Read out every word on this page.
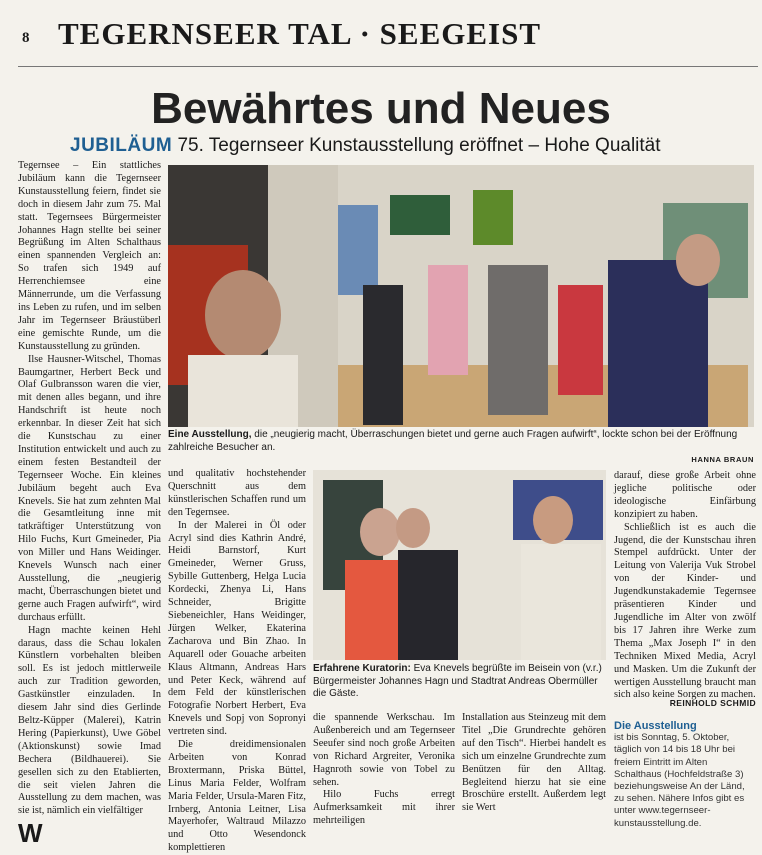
8 TEGERNSEER TAL · SEEGEIST
Bewährtes und Neues
JUBILÄUM 75. Tegernseer Kunstausstellung eröffnet – Hohe Qualität

Tegernsee – Ein stattliches Jubiläum kann die Tegernseer Kunstausstellung feiern, findet sie doch in diesem Jahr zum 75. Mal statt. Tegernsees Bürgermeister Johannes Hagn stellte bei seiner Begrüßung im Alten Schalthaus einen spannenden Vergleich an: So trafen sich 1949 auf Herrenchiemsee eine Männerrunde, um die Verfassung ins Leben zu rufen, und im selben Jahr im Tegernseer Bräustüberl eine gemischte Runde, um die Kunstausstellung zu gründen.

Ilse Hausner-Witschel, Thomas Baumgartner, Herbert Beck und Olaf Gulbransson waren die vier, mit denen alles begann, und ihre Handschrift ist heute noch erkennbar. In dieser Zeit hat sich die Kunstschau zu einer Institution entwickelt und auch zu einem festen Bestandteil der Tegernseer Woche. Ein kleines Jubiläum begeht auch Eva Knevels. Sie hat zum zehnten Mal die Gesamtleitung inne mit tatkräftiger Unterstützung von Hilo Fuchs, Kurt Gmeineder, Pia von Miller und Hans Weidinger. Knevels Wunsch nach einer Ausstellung, die „neugierig macht, Überraschungen bietet und gerne auch Fragen aufwirft“, wird durchaus erfüllt.

Hagn machte keinen Hehl daraus, dass die Schau lokalen Künstlern vorbehalten bleiben soll. Es ist jedoch mittlerweile auch zur Tradition geworden, Gastkünstler einzuladen. In diesem Jahr sind dies Gerlinde Beltz-Küpper (Malerei), Katrin Hering (Papierkunst), Uwe Göbel (Aktionskunst) sowie Imad Bechera (Bildhauerei). Sie gesellen sich zu den Etablierten, die seit vielen Jahren die Ausstellung zu dem machen, was sie ist, nämlich ein vielfältiger

Eine Ausstellung, die „neugierig macht, Überraschungen bietet und gerne auch Fragen aufwirft“, lockte schon bei der Eröffnung zahlreiche Besucher an.
HANNA BRAUN

und qualitativ hochstehender Querschnitt aus dem künstlerischen Schaffen rund um den Tegernsee.

In der Malerei in Öl oder Acryl sind dies Kathrin André, Heidi Barnstorf, Kurt Gmeineder, Werner Gruss, Sybille Guttenberg, Helga Lucia Kordecki, Zhenya Li, Hans Schneider, Brigitte Siebeneichler, Hans Weidinger, Jürgen Welker, Ekaterina Zacharova und Bin Zhao. In Aquarell oder Gouache arbeiten Klaus Altmann, Andreas Hars und Peter Keck, während auf dem Feld der künstlerischen Fotografie Norbert Herbert, Eva Knevels und Sopj von Sopronyi vertreten sind.

Die dreidimensionalen Arbeiten von Konrad Broxtermann, Priska Büttel, Linus Maria Felder, Wolfram Maria Felder, Ursula-Maren Fitz, Irnberg, Antonia Leitner, Lisa Mayerhofer, Waltraud Milazzo und Otto Wesendonck komplettieren

Erfahrene Kuratorin: Eva Knevels begrüßte im Beisein von (v.r.) Bürgermeister Johannes Hagn und Stadtrat Andreas Obermüller die Gäste.

die spannende Werkschau. Im Außenbereich und am Tegernseer Seeufer sind noch große Arbeiten von Richard Argreiter, Veronika Hagnroth sowie von Tobel zu sehen.

Hilo Fuchs erregt Aufmerksamkeit mit ihrer mehrteiligen

Installation aus Steinzeug mit dem Titel „Die Grundrechte gehören auf den Tisch“. Hierbei handelt es sich um einzelne Grundrechte zum Benützen für den Alltag. Begleitend hierzu hat sie eine Broschüre erstellt. Außerdem legt sie Wert

darauf, diese große Arbeit ohne jegliche politische oder ideologische Einfärbung konzipiert zu haben.

Schließlich ist es auch die Jugend, die der Kunstschau ihren Stempel aufdrückt. Unter der Leitung von Valerija Vuk Strobel von der Kinder- und Jugendkunstakademie Tegernsee präsentieren Kinder und Jugendliche im Alter von zwölf bis 17 Jahren ihre Werke zum Thema „Max Joseph I“ in den Techniken Mixed Media, Acryl und Masken. Um die Zukunft der wertigen Ausstellung braucht man sich also keine Sorgen zu machen.

REINHOLD SCHMID
Die Ausstellung
ist bis Sonntag, 5. Oktober, täglich von 14 bis 18 Uhr bei freiem Eintritt im Alten Schalthaus (Hochfeldstraße 3) beziehungsweise An der Länd, zu sehen. Nähere Infos gibt es unter www.tegernseer-kunstausstellung.de.
W
